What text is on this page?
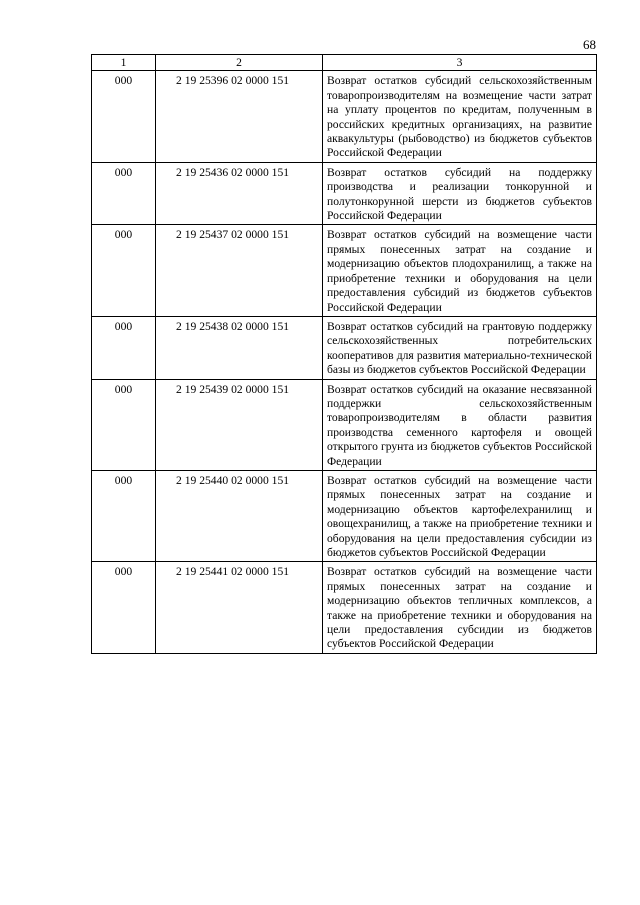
68
1	2	3
000	2 19 25396 02 0000 151	Возврат остатков субсидий сельскохозяйственным товаропроизводителям на возмещение части затрат на уплату процентов по кредитам, полученным в российских кредитных организациях, на развитие аквакультуры (рыбоводство) из бюджетов субъектов Российской Федерации
000	2 19 25436 02 0000 151	Возврат остатков субсидий на поддержку производства и реализации тонкорунной и полутонкорунной шерсти из бюджетов субъектов Российской Федерации
000	2 19 25437 02 0000 151	Возврат остатков субсидий на возмещение части прямых понесенных затрат на создание и модернизацию объектов плодохранилищ, а также на приобретение техники и оборудования на цели предоставления субсидий из бюджетов субъектов Российской Федерации
000	2 19 25438 02 0000 151	Возврат остатков субсидий на грантовую поддержку сельскохозяйственных потребительских кооперативов для развития материально-технической базы из бюджетов субъектов Российской Федерации
000	2 19 25439 02 0000 151	Возврат остатков субсидий на оказание несвязанной поддержки сельскохозяйственным товаропроизводителям в области развития производства семенного картофеля и овощей открытого грунта из бюджетов субъектов Российской Федерации
000	2 19 25440 02 0000 151	Возврат остатков субсидий на возмещение части прямых понесенных затрат на создание и модернизацию объектов картофелехранилищ и овощехранилищ, а также на приобретение техники и оборудования на цели предоставления субсидии из бюджетов субъектов Российской Федерации
000	2 19 25441 02 0000 151	Возврат остатков субсидий на возмещение части прямых понесенных затрат на создание и модернизацию объектов тепличных комплексов, а также на приобретение техники и оборудования на цели предоставления субсидии из бюджетов субъектов Российской Федерации
